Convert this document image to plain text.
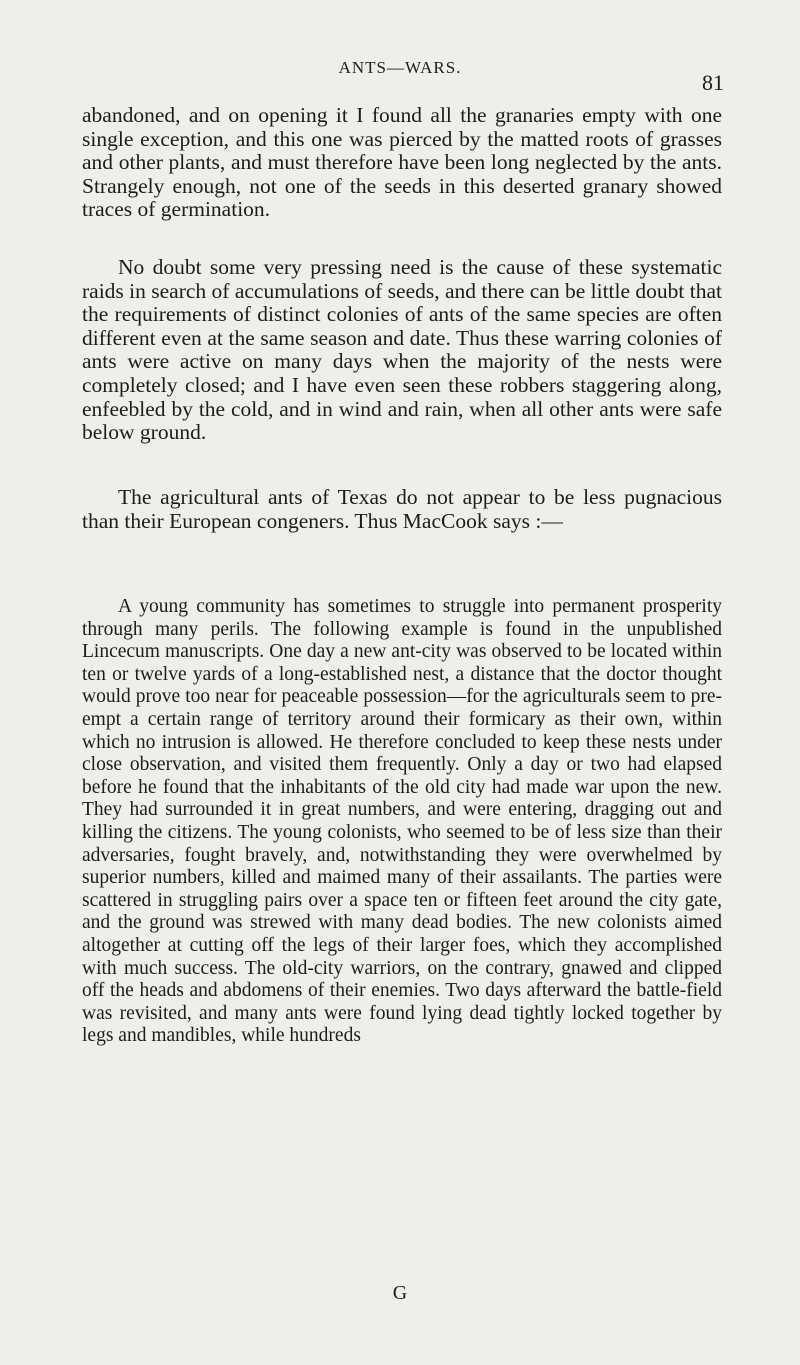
ANTS—WARS.
81

abandoned, and on opening it I found all the granaries empty with one single exception, and this one was pierced by the matted roots of grasses and other plants, and must therefore have been long neglected by the ants. Strangely enough, not one of the seeds in this deserted granary showed traces of germination.

No doubt some very pressing need is the cause of these systematic raids in search of accumulations of seeds, and there can be little doubt that the requirements of distinct colonies of ants of the same species are often different even at the same season and date. Thus these warring colonies of ants were active on many days when the majority of the nests were completely closed; and I have even seen these robbers staggering along, enfeebled by the cold, and in wind and rain, when all other ants were safe below ground.

The agricultural ants of Texas do not appear to be less pugnacious than their European congeners. Thus MacCook says :—

A young community has sometimes to struggle into permanent prosperity through many perils. The following example is found in the unpublished Lincecum manuscripts. One day a new ant-city was observed to be located within ten or twelve yards of a long-established nest, a distance that the doctor thought would prove too near for peaceable possession—for the agriculturals seem to pre-empt a certain range of territory around their formicary as their own, within which no intrusion is allowed. He therefore concluded to keep these nests under close observation, and visited them frequently. Only a day or two had elapsed before he found that the inhabitants of the old city had made war upon the new. They had surrounded it in great numbers, and were entering, dragging out and killing the citizens. The young colonists, who seemed to be of less size than their adversaries, fought bravely, and, notwithstanding they were overwhelmed by superior numbers, killed and maimed many of their assailants. The parties were scattered in struggling pairs over a space ten or fifteen feet around the city gate, and the ground was strewed with many dead bodies. The new colonists aimed altogether at cutting off the legs of their larger foes, which they accomplished with much success. The old-city warriors, on the contrary, gnawed and clipped off the heads and abdomens of their enemies. Two days afterward the battle-field was revisited, and many ants were found lying dead tightly locked together by legs and mandibles, while hundreds

G
